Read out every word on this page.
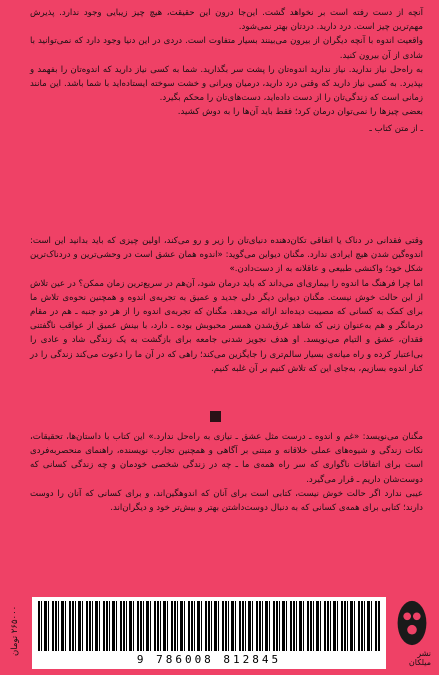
آنچه از دست رفته است بر نخواهد گشت. این‌جا درون این حقیقت، هیچ چیز زیبایی وجود ندارد. پذیرش مهم‌ترین چیز است. درد دارید. درد‌تان بهتر نمی‌شود.

واقعیت اندوه با آنچه دیگران از بیرون می‌بینند بسیار متفاوت است. دردی در این دنیا وجود دارد که نمی‌توانید با شادی از آن بیرون کنید.

به راه‌حل نیاز ندارید. نیاز ندارید اندوه‌تان را پشت سر بگذارید. شما به کسی نیاز دارید که اندوه‌تان را بفهمد و بپذیرد. به کسی نیاز دارید که وقتی درد دارید، درمیان ویرانی و خشت سوخته ایستاده‌اید با شما باشد. این مانند زمانی است که زندگی‌تان را از دست داده‌اید، دست‌های‌تان را محکم بگیرد.

بعضی چیزها را نمی‌توان درمان کرد؛ فقط باید آن‌ها را به دوش کشید.

ـ از متن کتاب ـ

وقتی فقدانی در دناک یا اتفاقی تکان‌دهنده دنیای‌تان را زیر و رو می‌کند، اولین چیزی که باید بدانید این است: اندوه‌گین شدن هیچ ایرادی ندارد. مگنان دیواین می‌گوید: «اندوه همان عشق است در وحشی‌ترین و دردناک‌ترین شکل خود؛ واکنشی طبیعی و عاقلانه به از دست‌دادن.»

اما چرا فرهنگ ما اندوه را بیماری‌ای می‌داند که باید درمان شود، آن‌هم در سریع‌ترین زمان ممکن؟ در عین تلاش از این حالت خوش نیست. مگنان دیواین دیگر دلی جدید و عمیق به تجربه‌ی اندوه و همچنین نحوه‌ی تلاش ما برای کمک به کسانی که مصیبت دیده‌اند ارائه می‌دهد. مگنان که تجربه‌ی اندوه را از هر دو جنبه ـ هم در مقام درمانگر و هم به‌عنوان زنی که شاهد غرق‌شدن همسر محبوبش بوده ـ دارد، با بینش عمیق از عواقب ناگفتنی فقدان، عشق و التیام می‌نویسد. او هدف نجویز شدنی جامعه برای بازگشت به یک زندگی شاد و عادی را بی‌اعتبار کرده و راه میانه‌ی بسیار سالم‌تری را جایگزین می‌کند؛ راهی که در آن ما را دعوت می‌کند زندگی را در کنار اندوه بسازیم، به‌جای این که تلاش کنیم بر آن غلبه کنیم.

مگنان می‌نویسد: «غم و اندوه ـ درست مثل عشق ـ نیازی به راه‌حل ندارد.» این کتاب با داستان‌ها، تحقیقات، نکات زندگی و شیوه‌های عملی خلاقانه و مبتنی بر آگاهی و همچنین تجارب نویسنده، راهنمای منحصربه‌فردی است برای اتفاقات ناگواری که سر راه همه‌ی ما ـ چه در زندگی شخصی خودمان و چه زندگی کسانی که دوست‌شان داریم ـ قرار می‌گیرد.

عیبی ندارد اگر حالت خوش نیست، کتابی است برای آنان که اندوهگین‌اند، و برای کسانی که آنان را دوست دارند؛ کتابی برای همه‌ی کسانی که به دنبال دوست‌داشتن بهتر و بیش‌تر خود و دیگران‌اند.

۲۶۵۰۰۰ تومان
9 786008 812845	نشر میلکان
